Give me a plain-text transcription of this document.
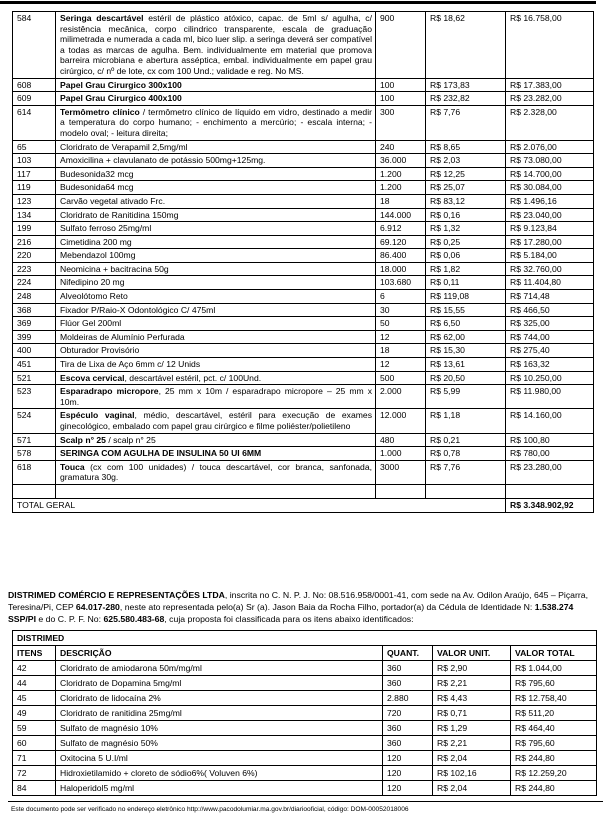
584	Seringa descartável estéril de plástico atóxico, capac. de 5ml s/ agulha, c/ resistência mecânica, corpo cilindrico transparente, escala de graduação milimetrada e numerada a cada ml, bico luer slip. a seringa deverá ser compatível a todas as marcas de agulha. Bem. individualmente em material que promova barreira microbiana e abertura asséptica, embal. individualmente em papel grau cirúrgico, c/ nº de lote, cx com 100 Und.; validade e reg. No MS.	900	R$ 18,62	R$ 16.758,00
608	Papel Grau Cirurgico 300x100	100	R$ 173,83	R$ 17.383,00
609	Papel Grau Cirurgico 400x100	100	R$ 232,82	R$ 23.282,00
614	Termômetro clínico / termômetro clínico de líquido em vidro, destinado a medir a temperatura do corpo humano; - enchimento a mercúrio; - escala interna; - modelo oval; - leitura direita;	300	R$ 7,76	R$ 2.328,00
65	Cloridrato de Verapamil 2,5mg/ml	240	R$ 8,65	R$ 2.076,00
103	Amoxicilina + clavulanato de potássio 500mg+125mg.	36.000	R$ 2,03	R$ 73.080,00
117	Budesonida32 mcg	1.200	R$ 12,25	R$ 14.700,00
119	Budesonida64 mcg	1.200	R$ 25,07	R$ 30.084,00
123	Carvão vegetal ativado Frc.	18	R$ 83,12	R$ 1.496,16
134	Cloridrato de Ranitidina 150mg	144.000	R$ 0,16	R$ 23.040,00
199	Sulfato ferroso 25mg/ml	6.912	R$ 1,32	R$ 9.123,84
216	Cimetidina 200 mg	69.120	R$ 0,25	R$ 17.280,00
220	Mebendazol 100mg	86.400	R$ 0,06	R$ 5.184,00
223	Neomicina + bacitracina 50g	18.000	R$ 1,82	R$ 32.760,00
224	Nifedipino 20 mg	103.680	R$ 0,11	R$ 11.404,80
248	Alveolótomo Reto	6	R$ 119,08	R$ 714,48
368	Fixador P/Raio-X Odontológico C/ 475ml	30	R$ 15,55	R$ 466,50
369	Flúor Gel 200ml	50	R$ 6,50	R$ 325,00
399	Moldeiras de Alumínio Perfurada	12	R$ 62,00	R$ 744,00
400	Obturador Provisório	18	R$ 15,30	R$ 275,40
451	Tira de Lixa de Aço 6mm c/ 12 Unids	12	R$ 13,61	R$ 163,32
521	Escova cervical, descartável estéril, pct. c/ 100Und.	500	R$ 20,50	R$ 10.250,00
523	Esparadrapo micropore, 25 mm x 10m / esparadrapo micropore – 25 mm x 10m.	2.000	R$ 5,99	R$ 11.980,00
524	Espéculo vaginal, médio, descartável, estéril para execução de exames ginecológico, embalado com papel grau cirúrgico e filme poliéster/polietileno	12.000	R$ 1,18	R$ 14.160,00
571	Scalp n° 25 / scalp n° 25	480	R$ 0,21	R$ 100,80
578	SERINGA COM AGULHA DE INSULINA 50 UI 6MM	1.000	R$ 0,78	R$ 780,00
618	Touca (cx com 100 unidades) / touca descartável, cor branca, sanfonada, gramatura 30g.	3000	R$ 7,76	R$ 23.280,00

TOTAL GERAL				R$ 3.348.902,92
DISTRIMED COMÉRCIO E REPRESENTAÇÕES LTDA, inscrita no C. N. P. J. No: 08.516.958/0001-41, com sede na Av. Odilon Araújo, 645 – Piçarra, Teresina/Pi, CEP 64.017-280, neste ato representada pelo(a) Sr (a). Jason Baia da Rocha Filho, portador(a) da Cédula de Identidade N: 1.538.274 SSP/PI e do C. P. F. No: 625.580.483-68, cuja proposta foi classificada para os itens abaixo identificados:
DISTRIMED				
ITENS	DESCRIÇÃO	QUANT.	VALOR UNIT.	VALOR TOTAL
42	Cloridrato de amiodarona 50m/mg/ml	360	R$ 2,90	R$ 1.044,00
44	Cloridrato de Dopamina 5mg/ml	360	R$ 2,21	R$ 795,60
45	Cloridrato de lidocaína 2%	2.880	R$ 4,43	R$ 12.758,40
49	Cloridrato de ranitidina 25mg/ml	720	R$ 0,71	R$ 511,20
59	Sulfato de magnésio 10%	360	R$ 1,29	R$ 464,40
60	Sulfato de magnésio 50%	360	R$ 2,21	R$ 795,60
71	Oxitocina 5 U.I/ml	120	R$ 2,04	R$ 244,80
72	Hidroxietilamido + cloreto de sódio6%( Voluven 6%)	120	R$ 102,16	R$ 12.259,20
84	Haloperidol5 mg/ml	120	R$ 2,04	R$ 244,80
Este documento pode ser verificado no endereço eletrônico http://www.pacodolumiar.ma.gov.br/diariooficial, código: DOM-00052018006
